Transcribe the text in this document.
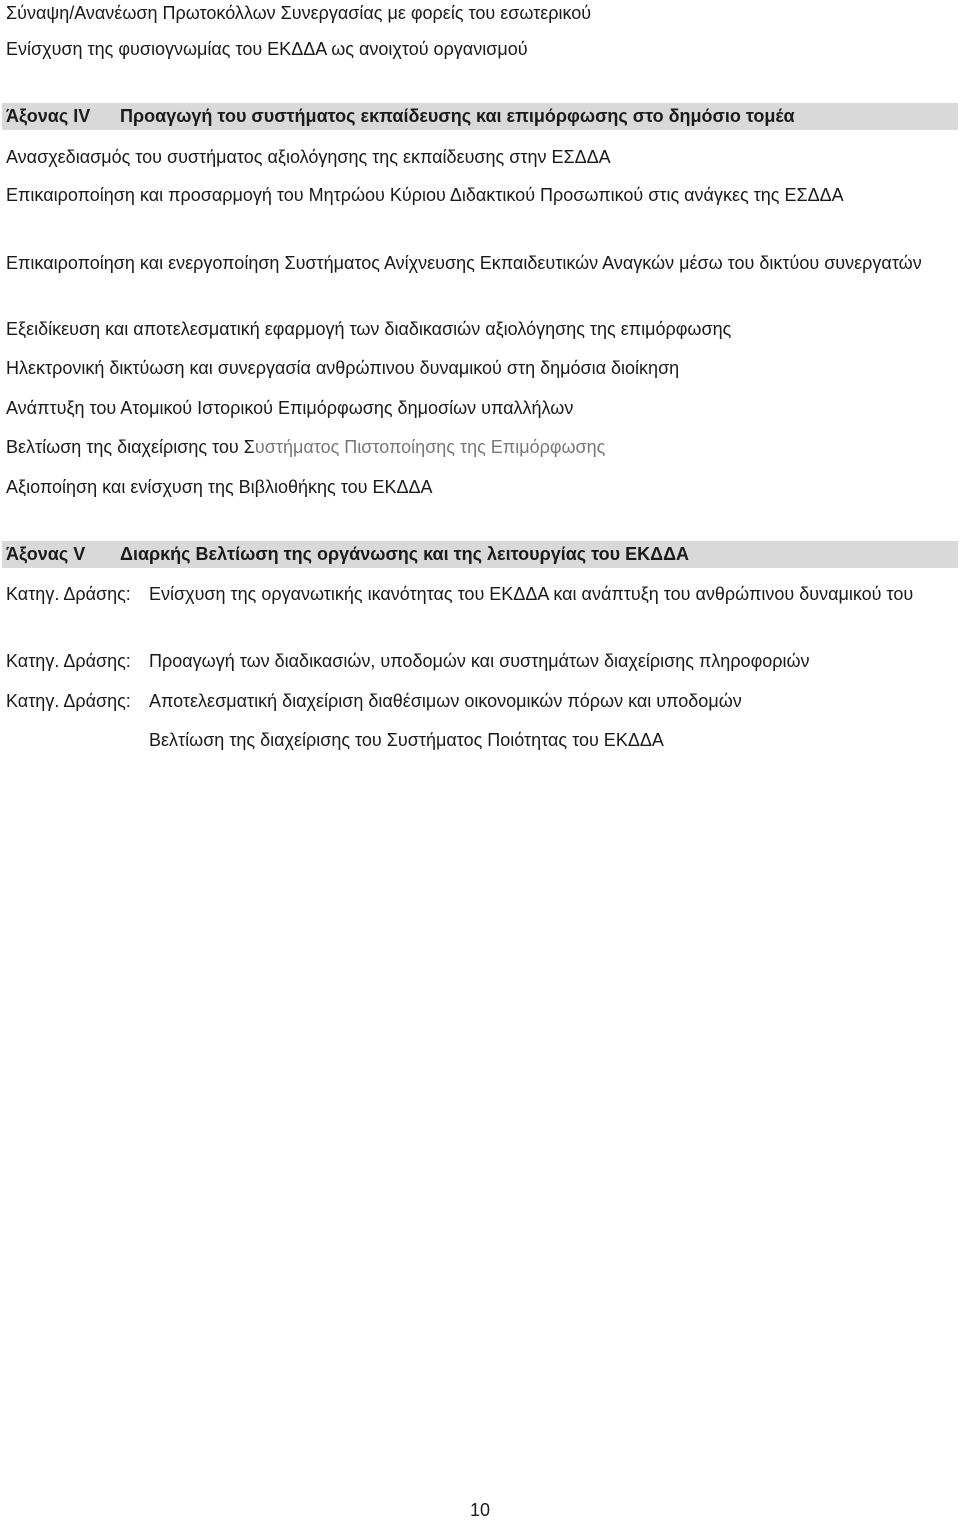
Σύναψη/Ανανέωση Πρωτοκόλλων Συνεργασίας με φορείς του εσωτερικού
Ενίσχυση της φυσιογνωμίας του ΕΚΔΔΑ ως ανοιχτού οργανισμού
Άξονας IV Προαγωγή του συστήματος εκπαίδευσης και επιμόρφωσης στο δημόσιο τομέα
Ανασχεδιασμός του συστήματος αξιολόγησης της εκπαίδευσης στην ΕΣΔΔΑ
Επικαιροποίηση και προσαρμογή του Μητρώου Κύριου Διδακτικού Προσωπικού στις ανάγκες της ΕΣΔΔΑ
Επικαιροποίηση και ενεργοποίηση Συστήματος Ανίχνευσης Εκπαιδευτικών Αναγκών μέσω του δικτύου συνεργατών
Εξειδίκευση και αποτελεσματική εφαρμογή των διαδικασιών αξιολόγησης της επιμόρφωσης
Ηλεκτρονική δικτύωση και συνεργασία ανθρώπινου δυναμικού στη δημόσια διοίκηση
Ανάπτυξη του Ατομικού Ιστορικού Επιμόρφωσης δημοσίων υπαλλήλων
Βελτίωση της διαχείρισης του Συστήματος Πιστοποίησης της Επιμόρφωσης
Αξιοποίηση και ενίσχυση της Βιβλιοθήκης του ΕΚΔΔΑ
Άξονας V Διαρκής Βελτίωση της οργάνωσης και της λειτουργίας του ΕΚΔΔΑ
Κατηγ. Δράσης: Ενίσχυση της οργανωτικής ικανότητας του ΕΚΔΔΑ και ανάπτυξη του ανθρώπινου δυναμικού του
Κατηγ. Δράσης: Προαγωγή των διαδικασιών, υποδομών και συστημάτων διαχείρισης πληροφοριών
Κατηγ. Δράσης: Αποτελεσματική διαχείριση διαθέσιμων οικονομικών πόρων και υποδομών
Βελτίωση της διαχείρισης του Συστήματος Ποιότητας του ΕΚΔΔΑ
10
